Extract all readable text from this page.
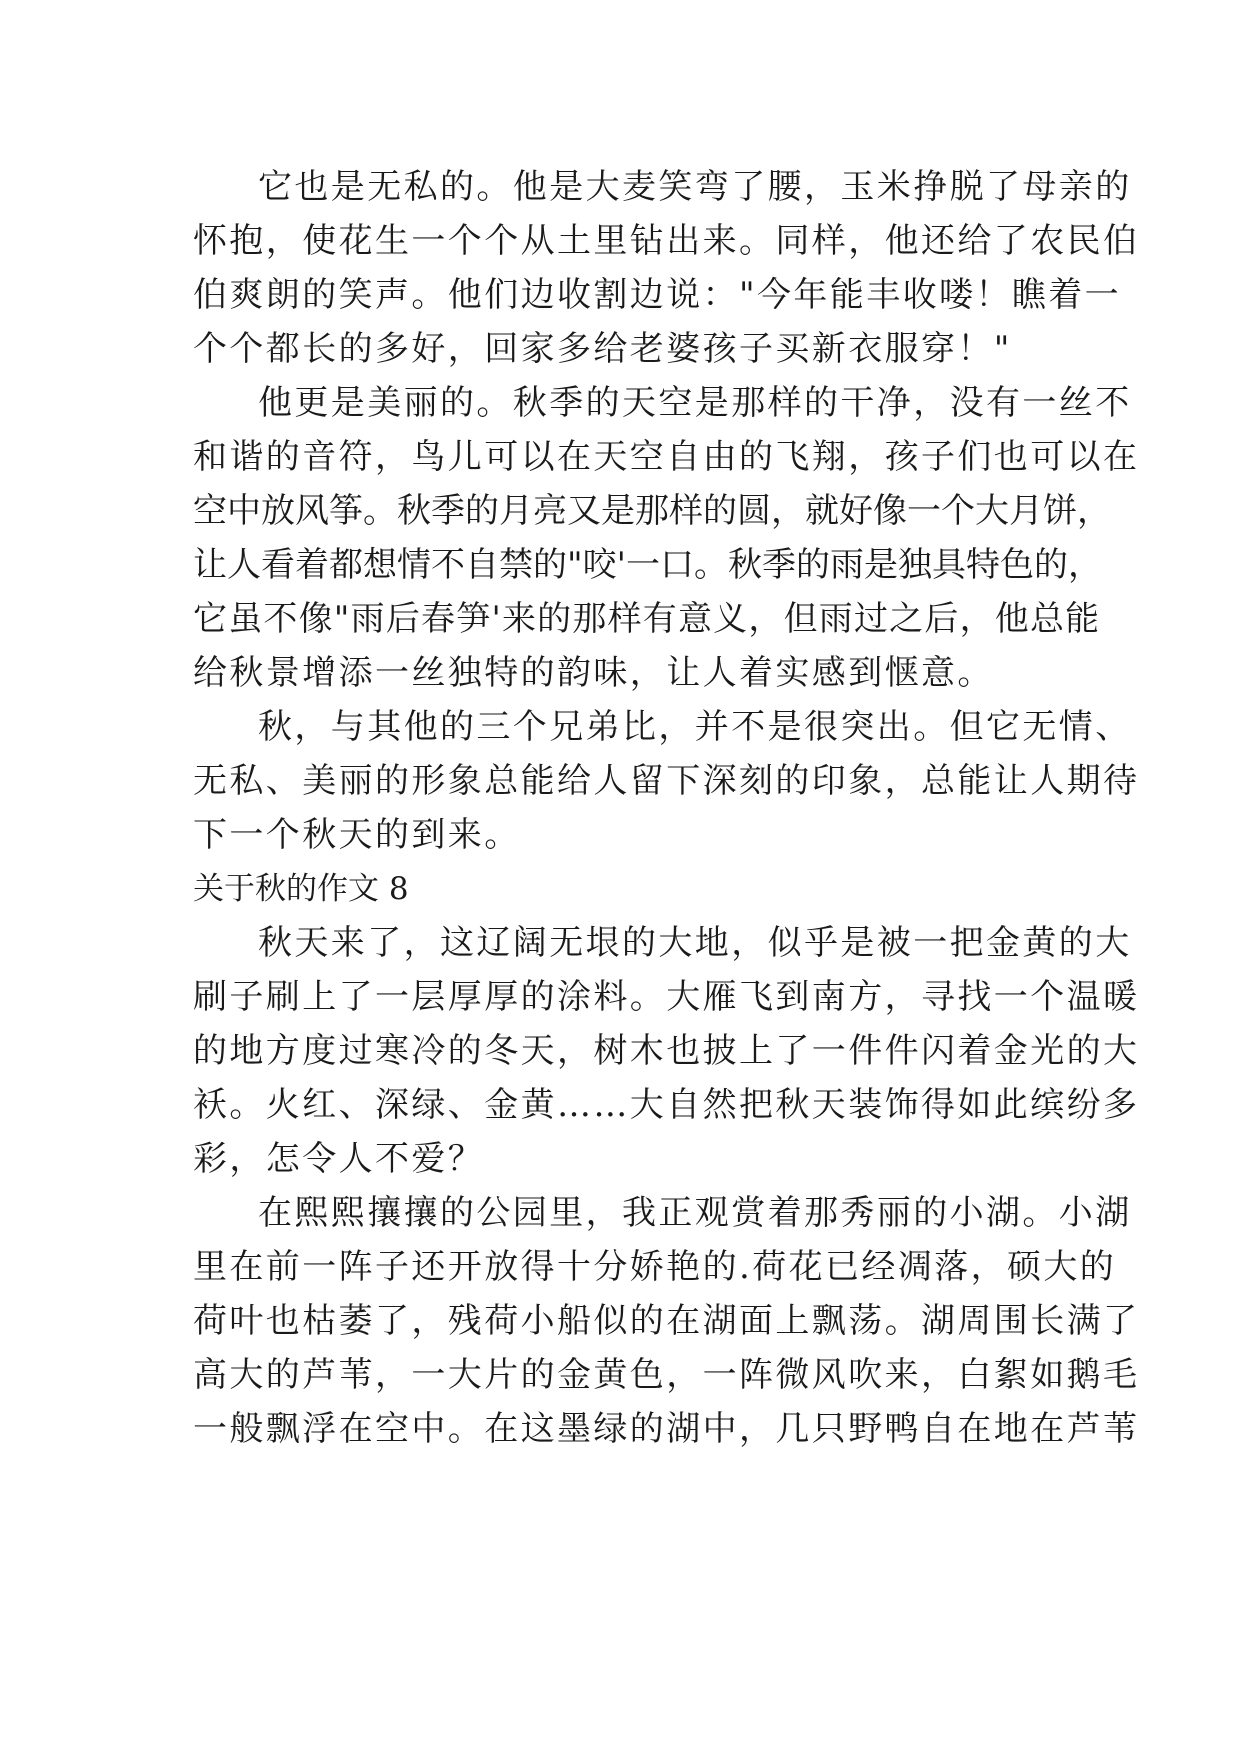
它也是无私的。他是大麦笑弯了腰，玉米挣脱了母亲的
怀抱，使花生一个个从土里钻出来。同样，他还给了农民伯
伯爽朗的笑声。他们边收割边说："今年能丰收喽！瞧着一
个个都长的多好，回家多给老婆孩子买新衣服穿！"
他更是美丽的。秋季的天空是那样的干净，没有一丝不
和谐的音符，鸟儿可以在天空自由的飞翔，孩子们也可以在
空中放风筝。秋季的月亮又是那样的圆，就好像一个大月饼，
让人看着都想情不自禁的"咬'一口。秋季的雨是独具特色的，
它虽不像"雨后春笋'来的那样有意义，但雨过之后，他总能
给秋景增添一丝独特的韵味，让人着实感到惬意。
秋，与其他的三个兄弟比，并不是很突出。但它无情、
无私、美丽的形象总能给人留下深刻的印象，总能让人期待
下一个秋天的到来。
关于秋的作文 8
秋天来了，这辽阔无垠的大地，似乎是被一把金黄的大
刷子刷上了一层厚厚的涂料。大雁飞到南方，寻找一个温暖
的地方度过寒冷的冬天，树木也披上了一件件闪着金光的大
袄。火红、深绿、金黄……大自然把秋天装饰得如此缤纷多
彩，怎令人不爱？
在熙熙攘攘的公园里，我正观赏着那秀丽的小湖。小湖
里在前一阵子还开放得十分娇艳的.荷花已经凋落，硕大的
荷叶也枯萎了，残荷小船似的在湖面上飘荡。湖周围长满了
高大的芦苇，一大片的金黄色，一阵微风吹来，白絮如鹅毛
一般飘浮在空中。在这墨绿的湖中，几只野鸭自在地在芦苇
